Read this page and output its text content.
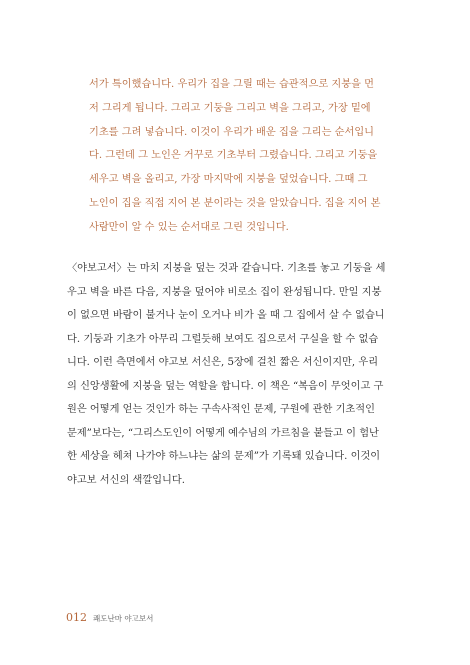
서가 특이했습니다. 우리가 집을 그릴 때는 습관적으로 지붕을 먼
저 그리게 됩니다. 그리고 기둥을 그리고 벽을 그리고, 가장 밑에
기초를 그려 넣습니다. 이것이 우리가 배운 집을 그리는 순서입니
다. 그런데 그 노인은 거꾸로 기초부터 그렸습니다. 그리고 기둥을
세우고 벽을 올리고, 가장 마지막에 지붕을 덮었습니다. 그때 그
노인이 집을 직접 지어 본 분이라는 것을 알았습니다. 집을 지어 본
사람만이 알 수 있는 순서대로 그린 것입니다.
〈야보고서〉는 마치 지붕을 덮는 것과 같습니다. 기초를 놓고 기둥을 세
우고 벽을 바른 다음, 지붕을 덮어야 비로소 집이 완성됩니다. 만일 지붕
이 없으면 바람이 불거나 눈이 오거나 비가 올 때 그 집에서 살 수 없습니
다. 기둥과 기초가 아무리 그럴듯해 보여도 집으로서 구실을 할 수 없습
니다. 이런 측면에서 야고보 서신은, 5장에 걸친 짧은 서신이지만, 우리
의 신앙생활에 지붕을 덮는 역할을 합니다. 이 책은 “복음이 무엇이고 구
원은 어떻게 얻는 것인가 하는 구속사적인 문제, 구원에 관한 기초적인
문제”보다는, “그리스도인이 어떻게 예수님의 가르침을 붙들고 이 험난
한 세상을 헤쳐 나가야 하느냐는 삶의 문제”가 기록돼 있습니다. 이것이
야고보 서신의 색깔입니다.
012 쾌도난마 야고보서
